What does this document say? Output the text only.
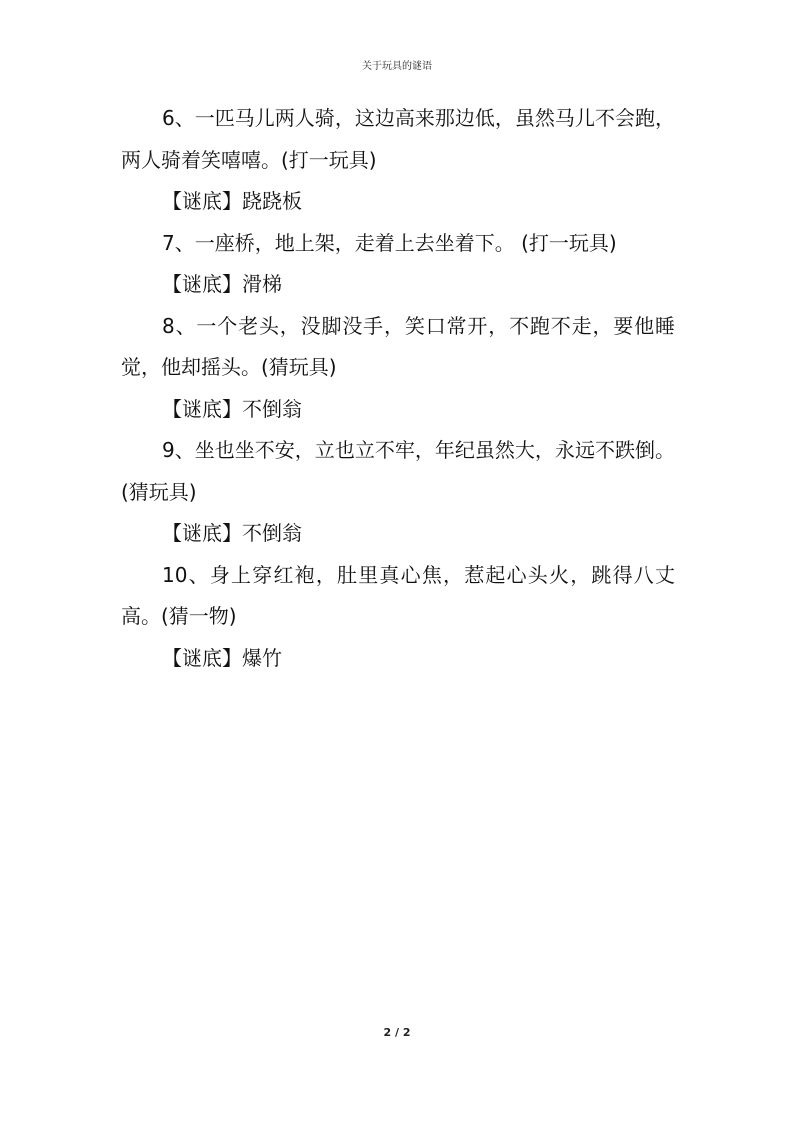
关于玩具的谜语

6、一匹马儿两人骑，这边高来那边低，虽然马儿不会跑，两人骑着笑嘻嘻。(打一玩具)

【谜底】跷跷板

7、一座桥，地上架，走着上去坐着下。 (打一玩具)

【谜底】滑梯

8、一个老头，没脚没手，笑口常开，不跑不走，要他睡觉，他却摇头。(猜玩具)

【谜底】不倒翁

9、坐也坐不安，立也立不牢，年纪虽然大，永远不跌倒。(猜玩具)

【谜底】不倒翁

10、身上穿红袍，肚里真心焦，惹起心头火，跳得八丈高。(猜一物)

【谜底】爆竹

2 / 2
